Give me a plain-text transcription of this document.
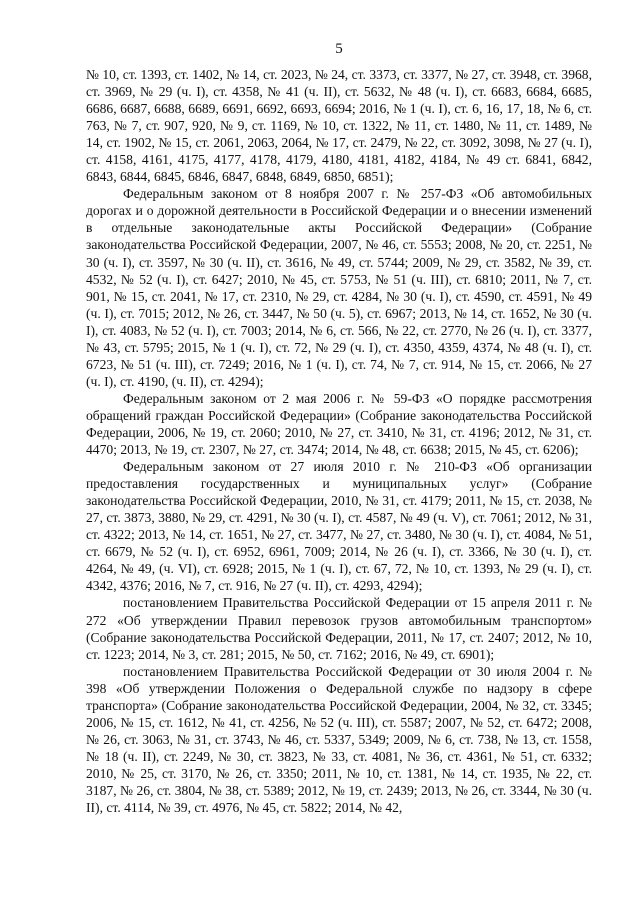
5

№ 10, ст. 1393, ст. 1402, № 14, ст. 2023, № 24, ст. 3373, ст. 3377, № 27, ст. 3948, ст. 3968, ст. 3969, № 29 (ч. I), ст. 4358, № 41 (ч. II), ст. 5632, № 48 (ч. I), ст. 6683, 6684, 6685, 6686, 6687, 6688, 6689, 6691, 6692, 6693, 6694; 2016, № 1 (ч. I), ст. 6, 16, 17, 18, № 6, ст. 763, № 7, ст. 907, 920, № 9, ст. 1169, № 10, ст. 1322, № 11, ст. 1480, № 11, ст. 1489, № 14, ст. 1902, № 15, ст. 2061, 2063, 2064, № 17, ст. 2479, № 22, ст. 3092, 3098, № 27 (ч. I), ст. 4158, 4161, 4175, 4177, 4178, 4179, 4180, 4181, 4182, 4184, № 49 ст. 6841, 6842, 6843, 6844, 6845, 6846, 6847, 6848, 6849, 6850, 6851);

Федеральным законом от 8 ноября 2007 г. № 257-ФЗ «Об автомобильных дорогах и о дорожной деятельности в Российской Федерации и о внесении изменений в отдельные законодательные акты Российской Федерации» (Собрание законодательства Российской Федерации, 2007, № 46, ст. 5553; 2008, № 20, ст. 2251, № 30 (ч. I), ст. 3597, № 30 (ч. II), ст. 3616, № 49, ст. 5744; 2009, № 29, ст. 3582, № 39, ст. 4532, № 52 (ч. I), ст. 6427; 2010, № 45, ст. 5753, № 51 (ч. III), ст. 6810; 2011, № 7, ст. 901, № 15, ст. 2041, № 17, ст. 2310, № 29, ст. 4284, № 30 (ч. I), ст. 4590, ст. 4591, № 49 (ч. I), ст. 7015; 2012, № 26, ст. 3447, № 50 (ч. 5), ст. 6967; 2013, № 14, ст. 1652, № 30 (ч. I), ст. 4083, № 52 (ч. I), ст. 7003; 2014, № 6, ст. 566, № 22, ст. 2770, № 26 (ч. I), ст. 3377, № 43, ст. 5795; 2015, № 1 (ч. I), ст. 72, № 29 (ч. I), ст. 4350, 4359, 4374, № 48 (ч. I), ст. 6723, № 51 (ч. III), ст. 7249; 2016, № 1 (ч. I), ст. 74, № 7, ст. 914, № 15, ст. 2066, № 27 (ч. I), ст. 4190, (ч. II), ст. 4294);

Федеральным законом от 2 мая 2006 г. № 59-ФЗ «О порядке рассмотрения обращений граждан Российской Федерации» (Собрание законодательства Российской Федерации, 2006, № 19, ст. 2060; 2010, № 27, ст. 3410, № 31, ст. 4196; 2012, № 31, ст. 4470; 2013, № 19, ст. 2307, № 27, ст. 3474; 2014, № 48, ст. 6638; 2015, № 45, ст. 6206);

Федеральным законом от 27 июля 2010 г. № 210-ФЗ «Об организации предоставления государственных и муниципальных услуг» (Собрание законодательства Российской Федерации, 2010, № 31, ст. 4179; 2011, № 15, ст. 2038, № 27, ст. 3873, 3880, № 29, ст. 4291, № 30 (ч. I), ст. 4587, № 49 (ч. V), ст. 7061; 2012, № 31, ст. 4322; 2013, № 14, ст. 1651, № 27, ст. 3477, № 27, ст. 3480, № 30 (ч. I), ст. 4084, № 51, ст. 6679, № 52 (ч. I), ст. 6952, 6961, 7009; 2014, № 26 (ч. I), ст. 3366, № 30 (ч. I), ст. 4264, № 49, (ч. VI), ст. 6928; 2015, № 1 (ч. I), ст. 67, 72, № 10, ст. 1393, № 29 (ч. I), ст. 4342, 4376; 2016, № 7, ст. 916, № 27 (ч. II), ст. 4293, 4294);

постановлением Правительства Российской Федерации от 15 апреля 2011 г. № 272 «Об утверждении Правил перевозок грузов автомобильным транспортом» (Собрание законодательства Российской Федерации, 2011, № 17, ст. 2407; 2012, № 10, ст. 1223; 2014, № 3, ст. 281; 2015, № 50, ст. 7162; 2016, № 49, ст. 6901);

постановлением Правительства Российской Федерации от 30 июля 2004 г. № 398 «Об утверждении Положения о Федеральной службе по надзору в сфере транспорта» (Собрание законодательства Российской Федерации, 2004, № 32, ст. 3345; 2006, № 15, ст. 1612, № 41, ст. 4256, № 52 (ч. III), ст. 5587; 2007, № 52, ст. 6472; 2008, № 26, ст. 3063, № 31, ст. 3743, № 46, ст. 5337, 5349; 2009, № 6, ст. 738, № 13, ст. 1558, № 18 (ч. II), ст. 2249, № 30, ст. 3823, № 33, ст. 4081, № 36, ст. 4361, № 51, ст. 6332; 2010, № 25, ст. 3170, № 26, ст. 3350; 2011, № 10, ст. 1381, № 14, ст. 1935, № 22, ст. 3187, № 26, ст. 3804, № 38, ст. 5389; 2012, № 19, ст. 2439; 2013, № 26, ст. 3344, № 30 (ч. II), ст. 4114, № 39, ст. 4976, № 45, ст. 5822; 2014, № 42,
